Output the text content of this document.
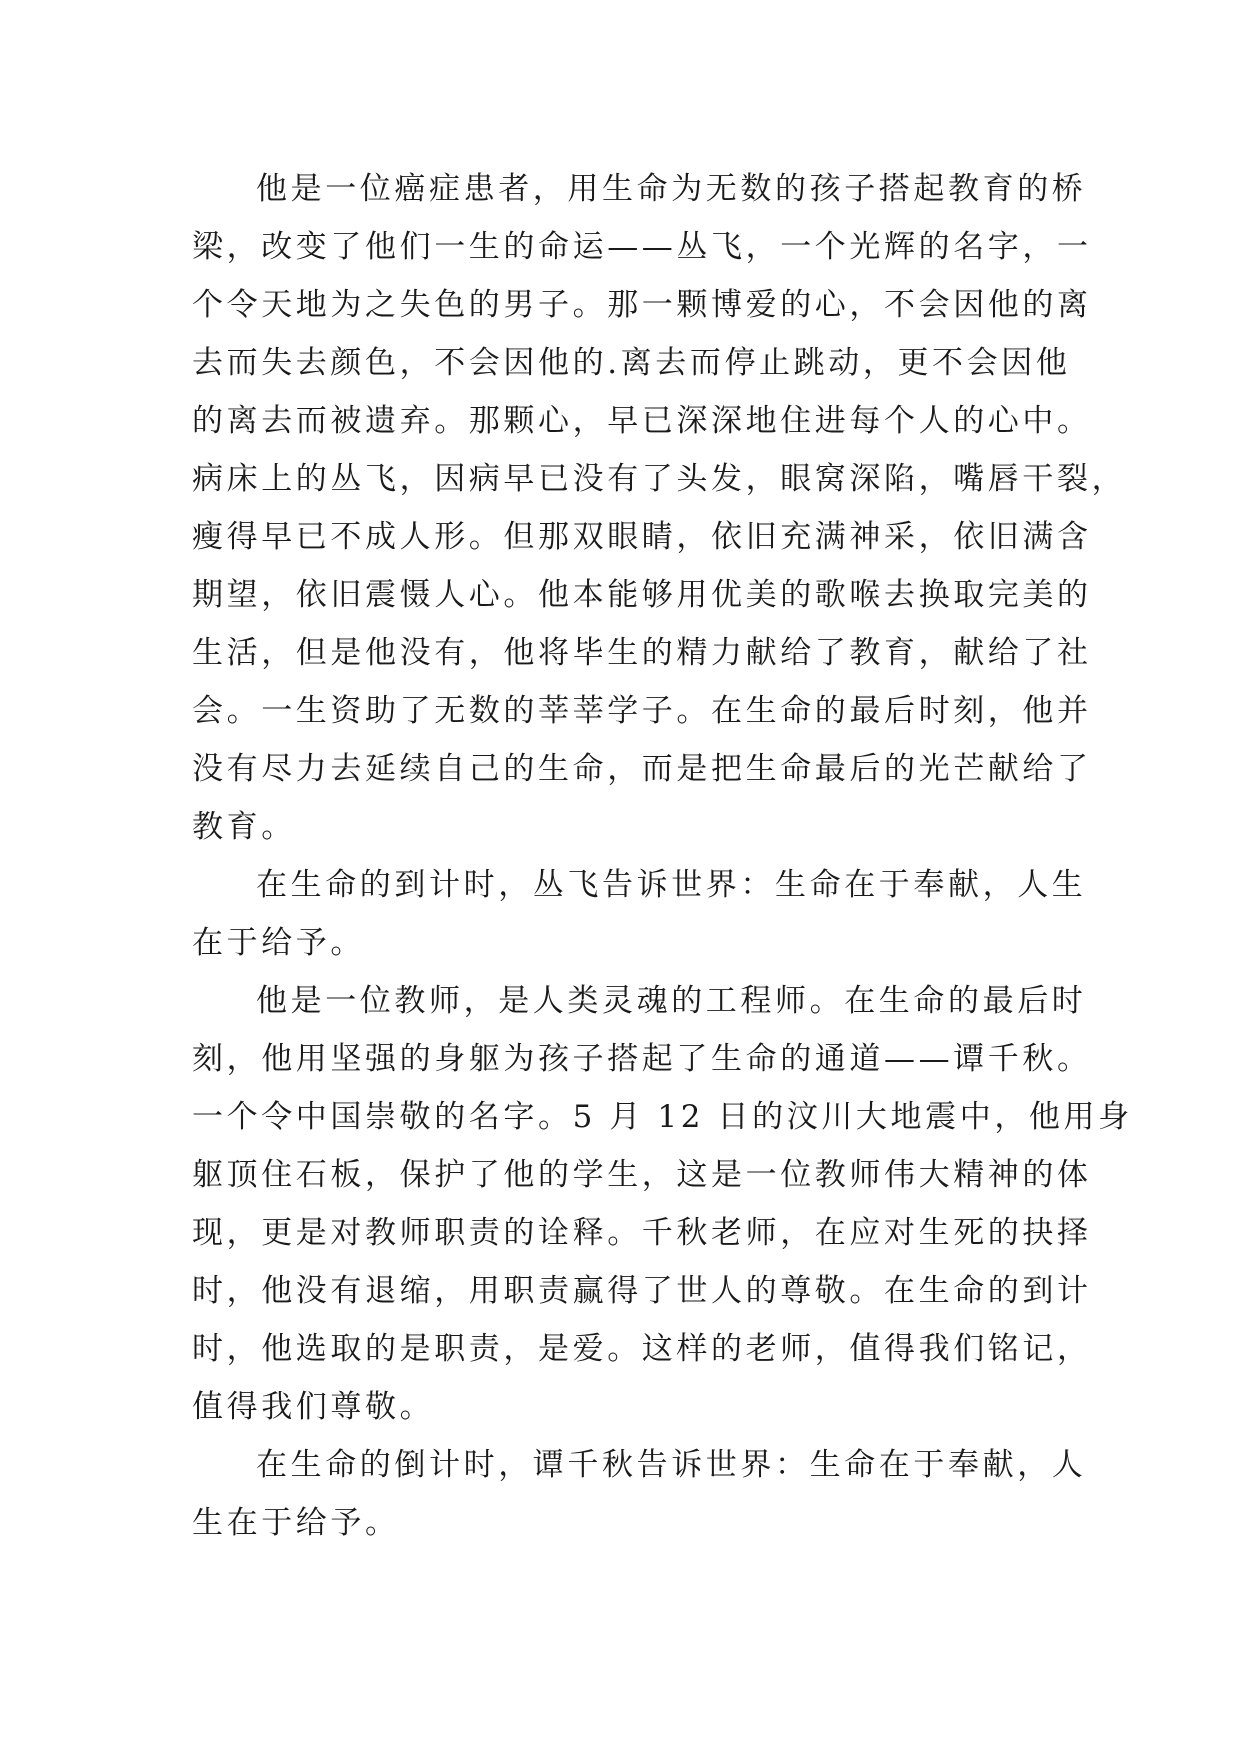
他是一位癌症患者，用生命为无数的孩子搭起教育的桥
梁，改变了他们一生的命运——丛飞，一个光辉的名字，一
个令天地为之失色的男子。那一颗博爱的心，不会因他的离
去而失去颜色，不会因他的.离去而停止跳动，更不会因他
的离去而被遗弃。那颗心，早已深深地住进每个人的心中。
病床上的丛飞，因病早已没有了头发，眼窝深陷，嘴唇干裂，
瘦得早已不成人形。但那双眼睛，依旧充满神采，依旧满含
期望，依旧震慑人心。他本能够用优美的歌喉去换取完美的
生活，但是他没有，他将毕生的精力献给了教育，献给了社
会。一生资助了无数的莘莘学子。在生命的最后时刻，他并
没有尽力去延续自己的生命，而是把生命最后的光芒献给了
教育。
在生命的到计时，丛飞告诉世界：生命在于奉献，人生
在于给予。
他是一位教师，是人类灵魂的工程师。在生命的最后时
刻，他用坚强的身躯为孩子搭起了生命的通道——谭千秋。
一个令中国崇敬的名字。5 月 12 日的汶川大地震中，他用身
躯顶住石板，保护了他的学生，这是一位教师伟大精神的体
现，更是对教师职责的诠释。千秋老师，在应对生死的抉择
时，他没有退缩，用职责赢得了世人的尊敬。在生命的到计
时，他选取的是职责，是爱。这样的老师，值得我们铭记，
值得我们尊敬。
在生命的倒计时，谭千秋告诉世界：生命在于奉献，人
生在于给予。
